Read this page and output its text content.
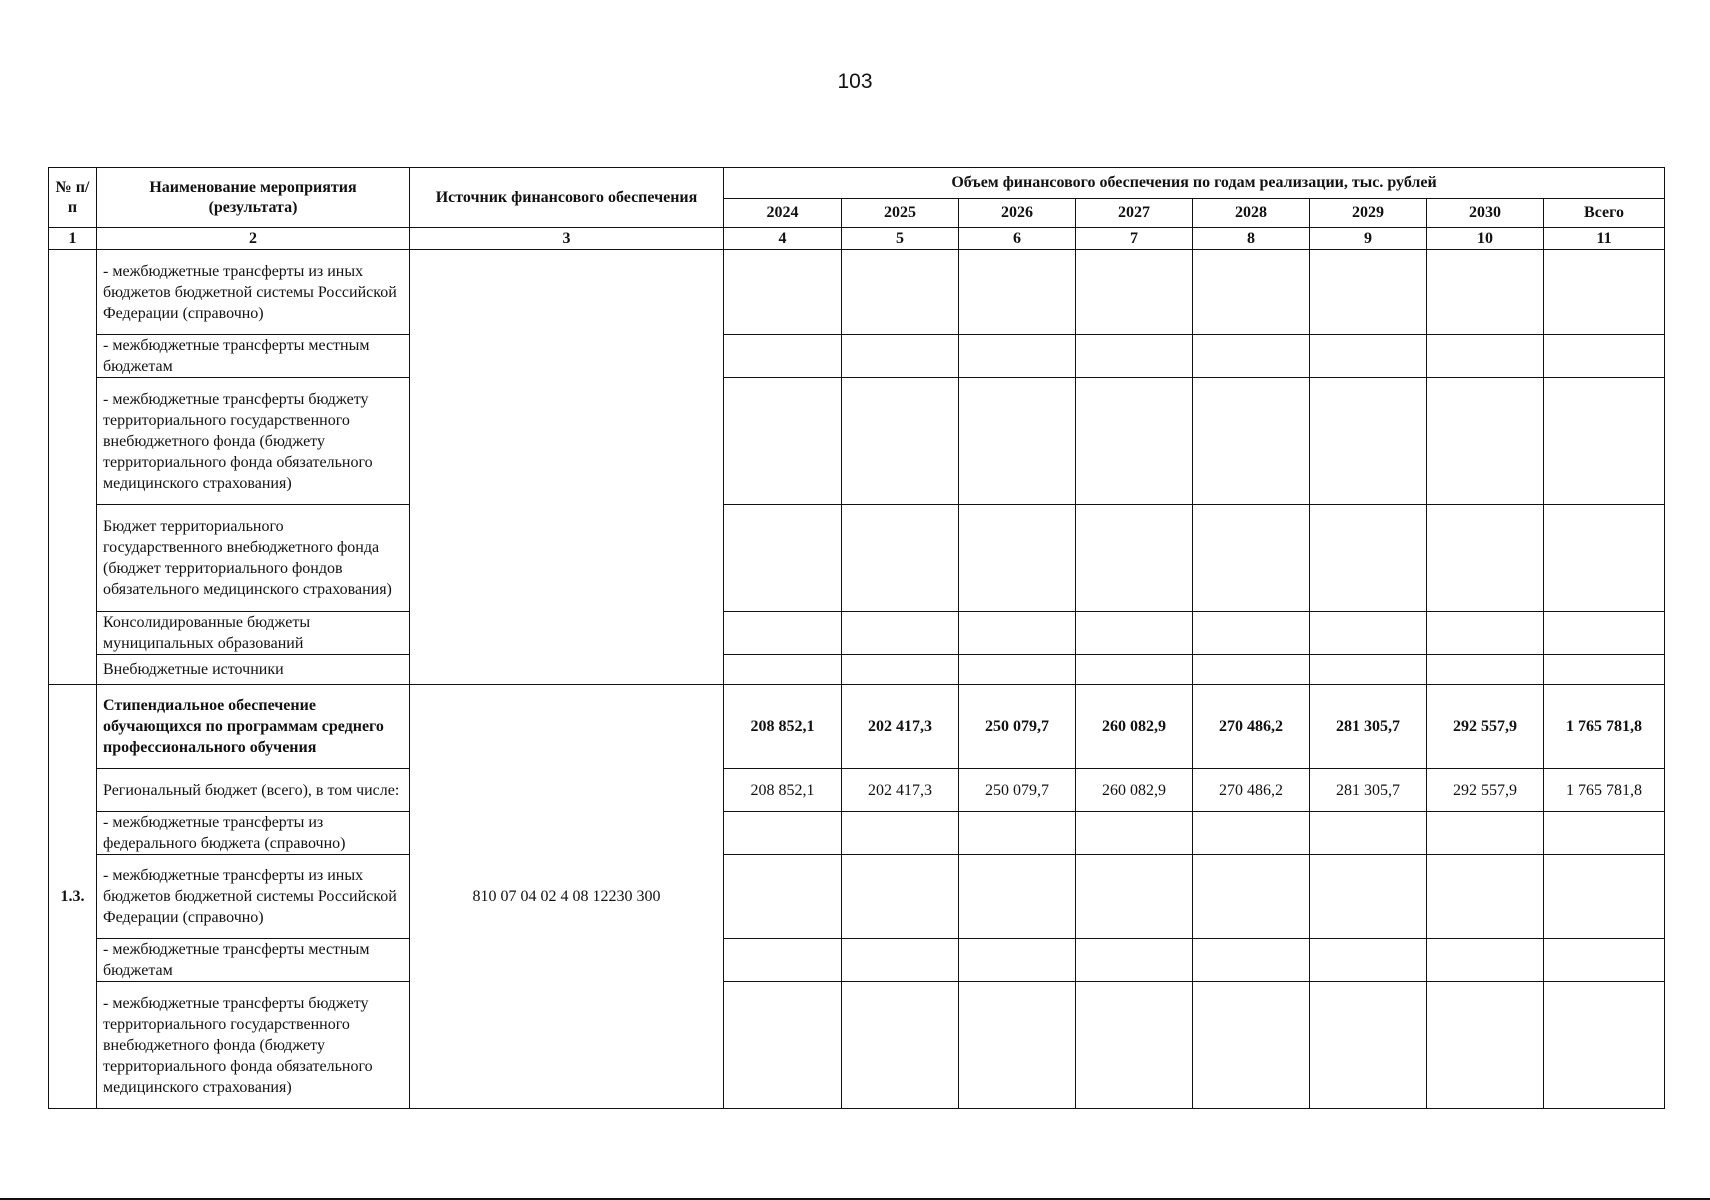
103
№ п/п	Наименование мероприятия (результата)	Источник финансового обеспечения	Объем финансового обеспечения по годам реализации, тыс. рублей							
			2024	2025	2026	2027	2028	2029	2030	Всего
1	2	3	4	5	6	7	8	9	10	11
	- межбюджетные трансферты из иных бюджетов бюджетной системы Российской Федерации (справочно)									
	- межбюджетные трансферты местным бюджетам									
	- межбюджетные трансферты бюджету территориального государственного внебюджетного фонда (бюджету территориального фонда обязательного медицинского страхования)									
	Бюджет территориального государственного внебюджетного фонда (бюджет территориального фондов обязательного медицинского страхования)									
	Консолидированные бюджеты муниципальных образований									
	Внебюджетные источники									
1.3.	Стипендиальное обеспечение обучающихся по программам среднего профессионального обучения	810 07 04 02 4 08 12230 300	208 852,1	202 417,3	250 079,7	260 082,9	270 486,2	281 305,7	292 557,9	1 765 781,8
	Региональный бюджет (всего), в том числе:		208 852,1	202 417,3	250 079,7	260 082,9	270 486,2	281 305,7	292 557,9	1 765 781,8
	- межбюджетные трансферты из федерального бюджета (справочно)									
	- межбюджетные трансферты из иных бюджетов бюджетной системы Российской Федерации (справочно)									
	- межбюджетные трансферты местным бюджетам									
	- межбюджетные трансферты бюджету территориального государственного внебюджетного фонда (бюджету территориального фонда обязательного медицинского страхования)									
